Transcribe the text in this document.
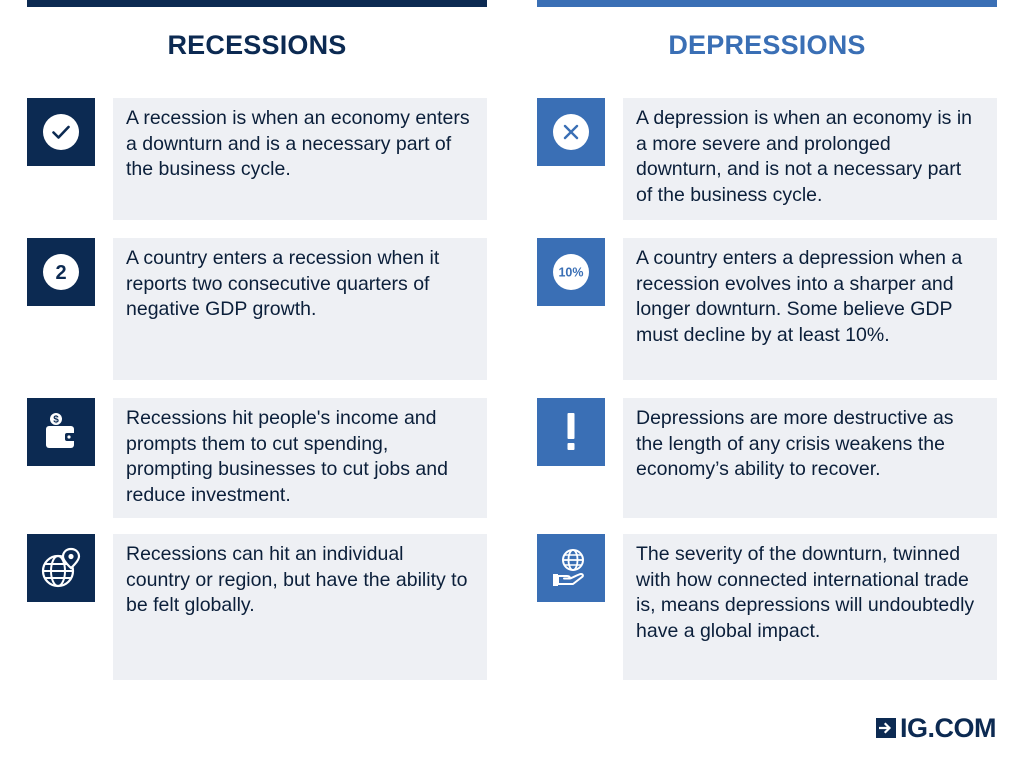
RECESSIONS	DEPRESSIONS

A recession is when an economy enters a downturn and is a necessary part of the business cycle.

2

A country enters a recession when it reports two consecutive quarters of negative GDP growth.

$	Recessions hit people's income and prompts them to cut spending, prompting businesses to cut jobs and reduce investment.

Recessions can hit an individual country or region, but have the ability to be felt globally.

A depression is when an economy is in a more severe and prolonged downturn, and is not a necessary part of the business cycle.

10%

A country enters a depression when a recession evolves into a sharper and longer downturn. Some believe GDP must decline by at least 10%.

Depressions are more destructive as the length of any crisis weakens the economy’s ability to recover.

The severity of the downturn, twinned with how connected international trade is, means depressions will undoubtedly have a global impact.

IG.COM
